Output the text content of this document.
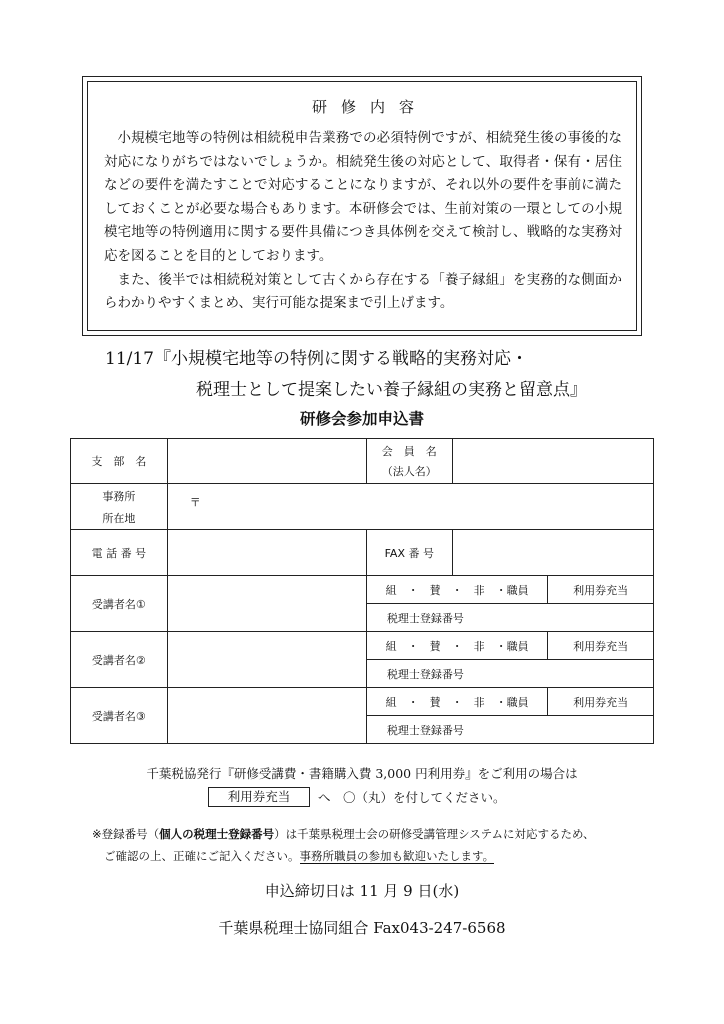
研修内容

小規模宅地等の特例は相続税申告業務での必須特例ですが、相続発生後の事後的な対応になりがちではないでしょうか。相続発生後の対応として、取得者・保有・居住などの要件を満たすことで対応することになりますが、それ以外の要件を事前に満たしておくことが必要な場合もあります。本研修会では、生前対策の一環としての小規模宅地等の特例適用に関する要件具備につき具体例を交えて検討し、戦略的な実務対応を図ることを目的としております。

また、後半では相続税対策として古くから存在する「養子縁組」を実務的な側面からわかりやすくまとめ、実行可能な提案まで引上げます。

11/17『小規模宅地等の特例に関する戦略的実務対応・
税理士として提案したい養子縁組の実務と留意点』
研修会参加申込書
支　部　名		会　員　名
（法人名）		

事務所
所在地	〒			
電 話 番 号		FAX 番 号		
受講者名①		組　・　賛　・　非　・職員		利用券充当
		税理士登録番号		
受講者名②		組　・　賛　・　非　・職員		利用券充当
		税理士登録番号		
受講者名③		組　・　賛　・　非　・職員		利用券充当
		税理士登録番号		
千葉税協発行『研修受講費・書籍購入費 3,000 円利用券』をご利用の場合は
利用券充当	へ　〇（丸）を付してください。
※登録番号（個人の税理士登録番号）は千葉県税理士会の研修受講管理システムに対応するため、
ご確認の上、正確にご記入ください。事務所職員の参加も歓迎いたします。
申込締切日は 11 月 9 日(水)
千葉県税理士協同組合 Fax043-247-6568
